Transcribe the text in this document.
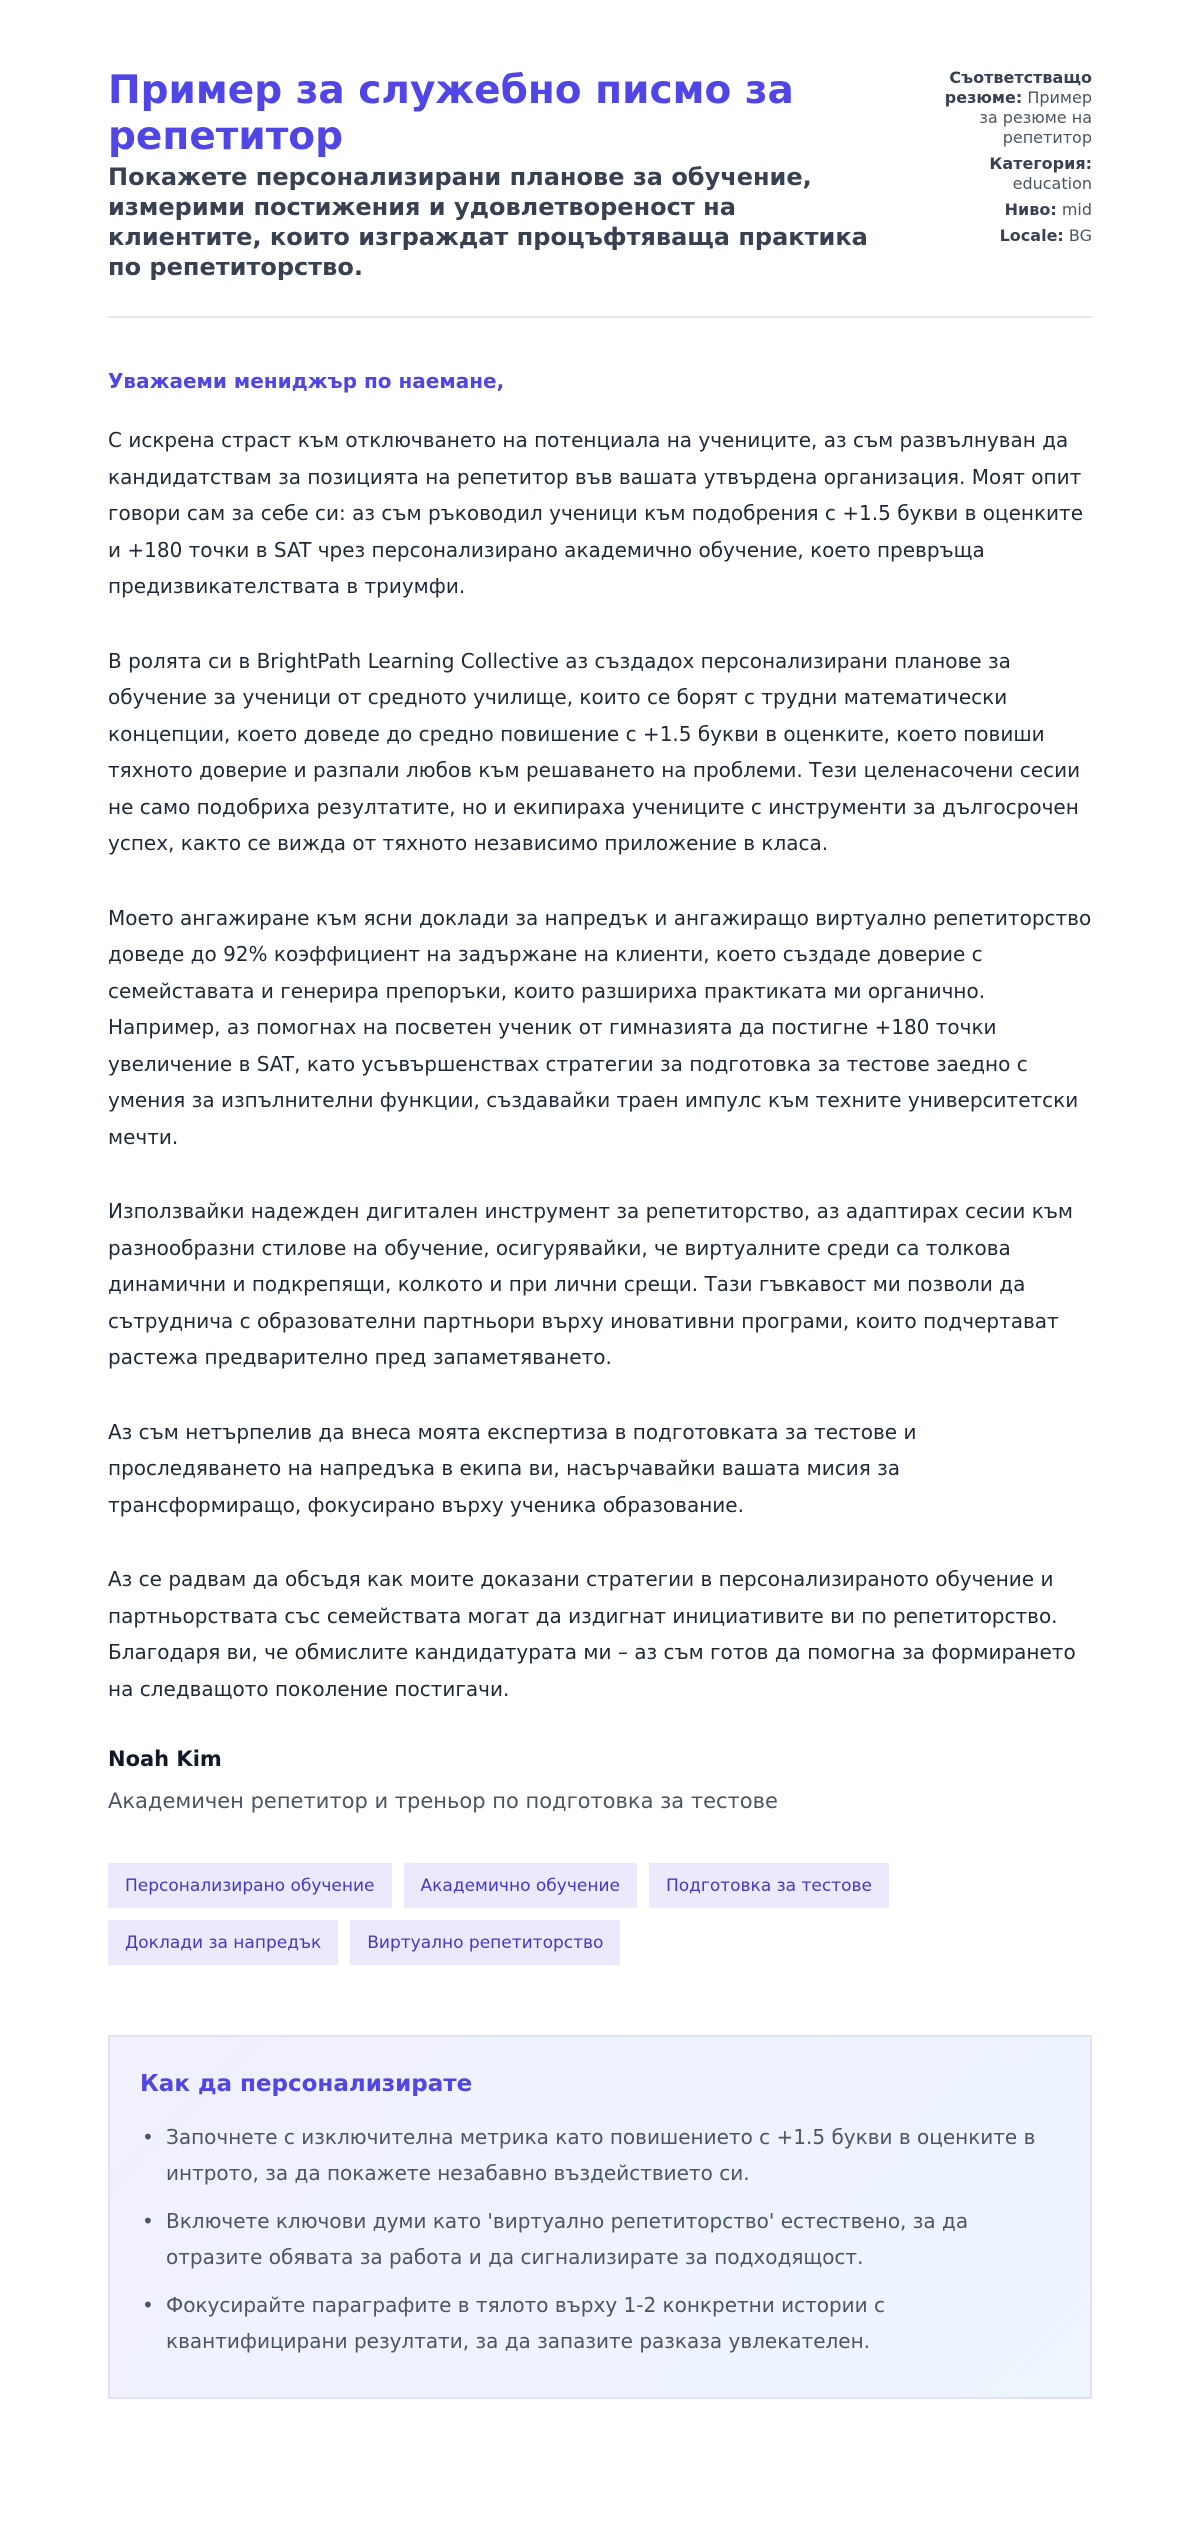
Пример за служебно писмо за репетитор
Покажете персонализирани планове за обучение, измерими постижения и удовлетвореност на клиентите, които изграждат процъфтяваща практика по репетиторство.
Съответстващо резюме: Пример за резюме на репетитор
Категория: education
Ниво: mid
Locale: BG

Уважаеми мениджър по наемане,

С искрена страст към отключването на потенциала на учениците, аз съм развълнуван да кандидатствам за позицията на репетитор във вашата утвърдена организация. Моят опит говори сам за себе си: аз съм ръководил ученици към подобрения с +1.5 букви в оценките и +180 точки в SAT чрез персонализирано академично обучение, което превръща предизвикателствата в триумфи.

В ролята си в BrightPath Learning Collective аз създадох персонализирани планове за обучение за ученици от средното училище, които се борят с трудни математически концепции, което доведе до средно повишение с +1.5 букви в оценките, което повиши тяхното доверие и разпали любов към решаването на проблеми. Тези целенасочени сесии не само подобриха резултатите, но и екипираха учениците с инструменти за дългосрочен успех, както се вижда от тяхното независимо приложение в класа.

Моето ангажиране към ясни доклади за напредък и ангажиращо виртуално репетиторство доведе до 92% коэффициент на задържане на клиенти, което създаде доверие с семейставата и генерира препоръки, които разшириха практиката ми органично. Например, аз помогнах на посветен ученик от гимназията да постигне +180 точки увеличение в SAT, като усъвършенствах стратегии за подготовка за тестове заедно с умения за изпълнителни функции, създавайки траен импулс към техните университетски мечти.

Използвайки надежден дигитален инструмент за репетиторство, аз адаптирах сесии към разнообразни стилове на обучение, осигурявайки, че виртуалните среди са толкова динамични и подкрепящи, колкото и при лични срещи. Тази гъвкавост ми позволи да сътруднича с образователни партньори върху иновативни програми, които подчертават растежа предварително пред запаметяването.

Аз съм нетърпелив да внеса моята експертиза в подготовката за тестове и проследяването на напредъка в екипа ви, насърчавайки вашата мисия за трансформиращо, фокусирано върху ученика образование.

Аз се радвам да обсъдя как моите доказани стратегии в персонализираното обучение и партньорствата със семействата могат да издигнат инициативите ви по репетиторство. Благодаря ви, че обмислите кандидатурата ми – аз съм готов да помогна за формирането на следващото поколение постигачи.

Noah Kim
Академичен репетитор и треньор по подготовка за тестове
Персонализирано обучение	Академично обучение	Подготовка за тестове
Доклади за напредък	Виртуално репетиторство
Как да персонализирате
• Започнете с изключителна метрика като повишението с +1.5 букви в оценките в интрото, за да покажете незабавно въздействието си.
• Включете ключови думи като 'виртуално репетиторство' естествено, за да отразите обявата за работа и да сигнализирате за подходящост.
• Фокусирайте параграфите в тялото върху 1-2 конкретни истории с квантифицирани резултати, за да запазите разказа увлекателен.
